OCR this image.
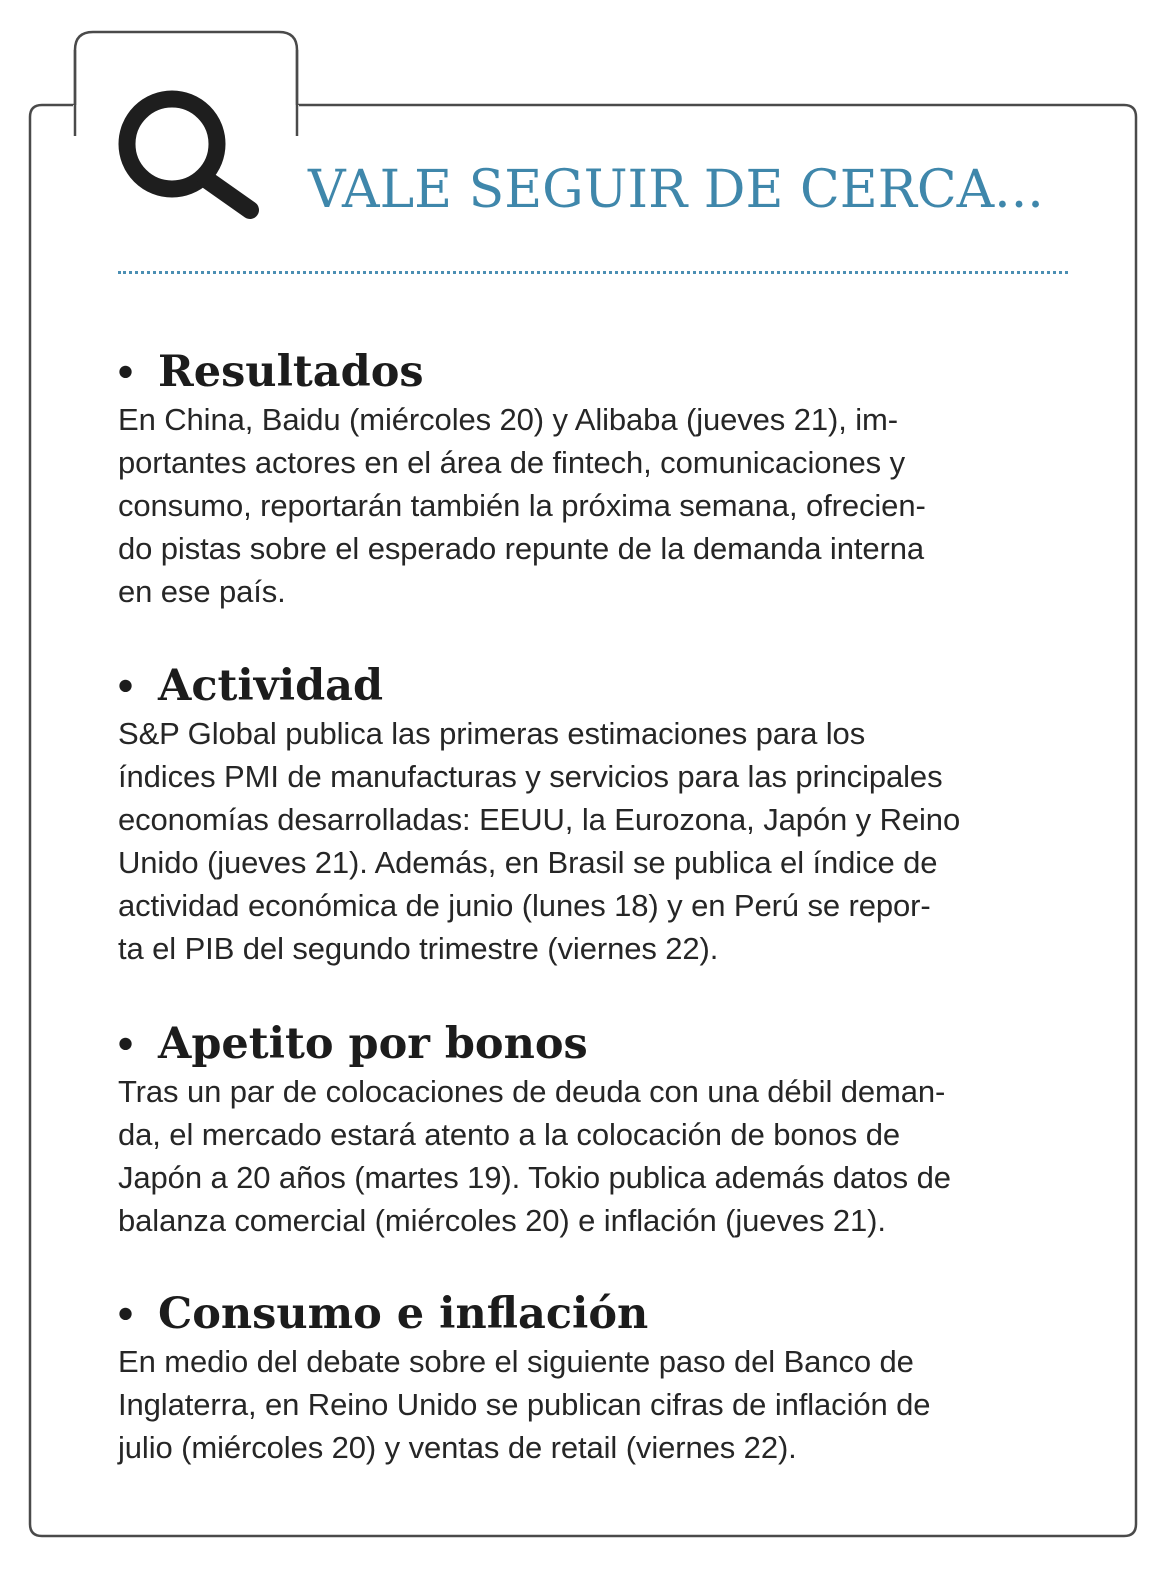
VALE SEGUIR DE CERCA...
• Resultados

En China, Baidu (miércoles 20) y Alibaba (jueves 21), im-
portantes actores en el área de fintech, comunicaciones y
consumo, reportarán también la próxima semana, ofrecien-
do pistas sobre el esperado repunte de la demanda interna
en ese país.

• Actividad

S&P Global publica las primeras estimaciones para los
índices PMI de manufacturas y servicios para las principales
economías desarrolladas: EEUU, la Eurozona, Japón y Reino
Unido (jueves 21). Además, en Brasil se publica el índice de
actividad económica de junio (lunes 18) y en Perú se repor-
ta el PIB del segundo trimestre (viernes 22).

• Apetito por bonos

Tras un par de colocaciones de deuda con una débil deman-
da, el mercado estará atento a la colocación de bonos de
Japón a 20 años (martes 19). Tokio publica además datos de
balanza comercial (miércoles 20) e inflación (jueves 21).

• Consumo e inflación

En medio del debate sobre el siguiente paso del Banco de
Inglaterra, en Reino Unido se publican cifras de inflación de
julio (miércoles 20) y ventas de retail (viernes 22).
